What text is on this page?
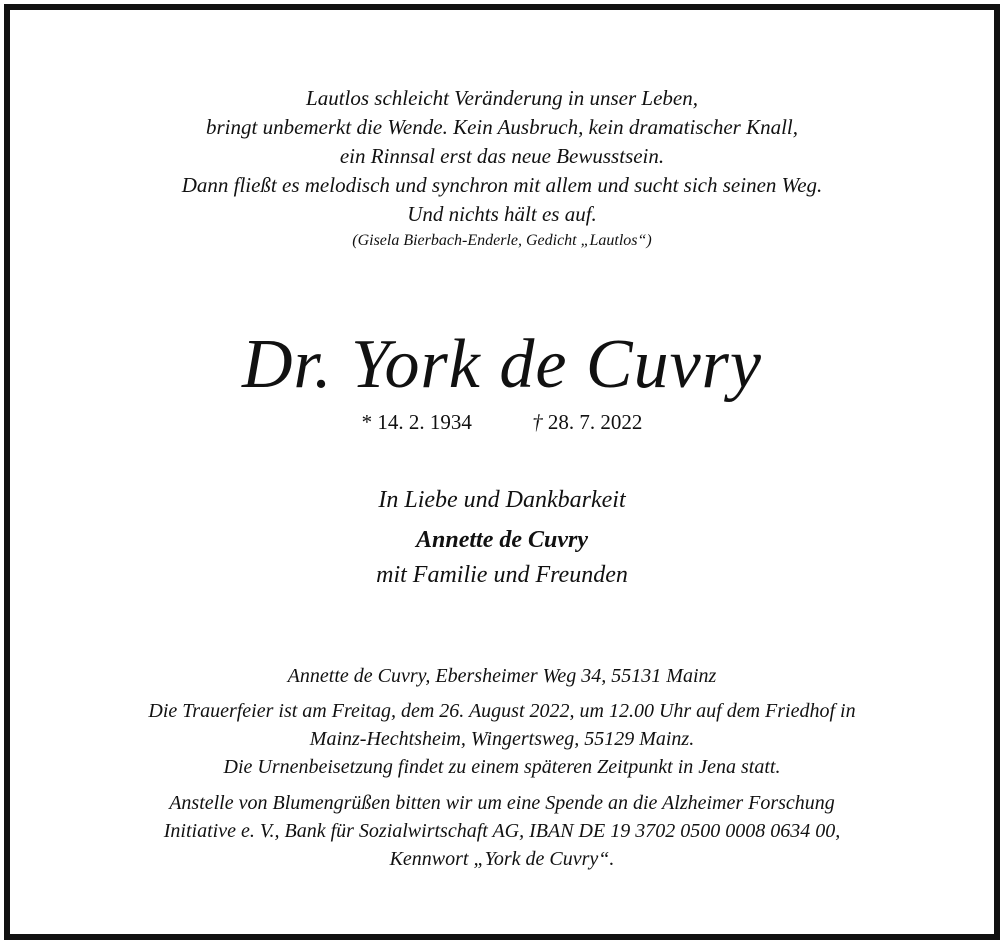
Lautlos schleicht Veränderung in unser Leben,
bringt unbemerkt die Wende. Kein Ausbruch, kein dramatischer Knall,
ein Rinnsal erst das neue Bewusstsein.
Dann fließt es melodisch und synchron mit allem und sucht sich seinen Weg.
Und nichts hält es auf.
(Gisela Bierbach-Enderle, Gedicht „Lautlos“)
Dr. York de Cuvry
* 14. 2. 1934	† 28. 7. 2022
In Liebe und Dankbarkeit
Annette de Cuvry
mit Familie und Freunden
Annette de Cuvry, Ebersheimer Weg 34, 55131 Mainz
Die Trauerfeier ist am Freitag, dem 26. August 2022, um 12.00 Uhr auf dem Friedhof in
Mainz-Hechtsheim, Wingertsweg, 55129 Mainz.
Die Urnenbeisetzung findet zu einem späteren Zeitpunkt in Jena statt.
Anstelle von Blumengrüßen bitten wir um eine Spende an die Alzheimer Forschung
Initiative e. V., Bank für Sozialwirtschaft AG, IBAN DE 19 3702 0500 0008 0634 00,
Kennwort „York de Cuvry“.
